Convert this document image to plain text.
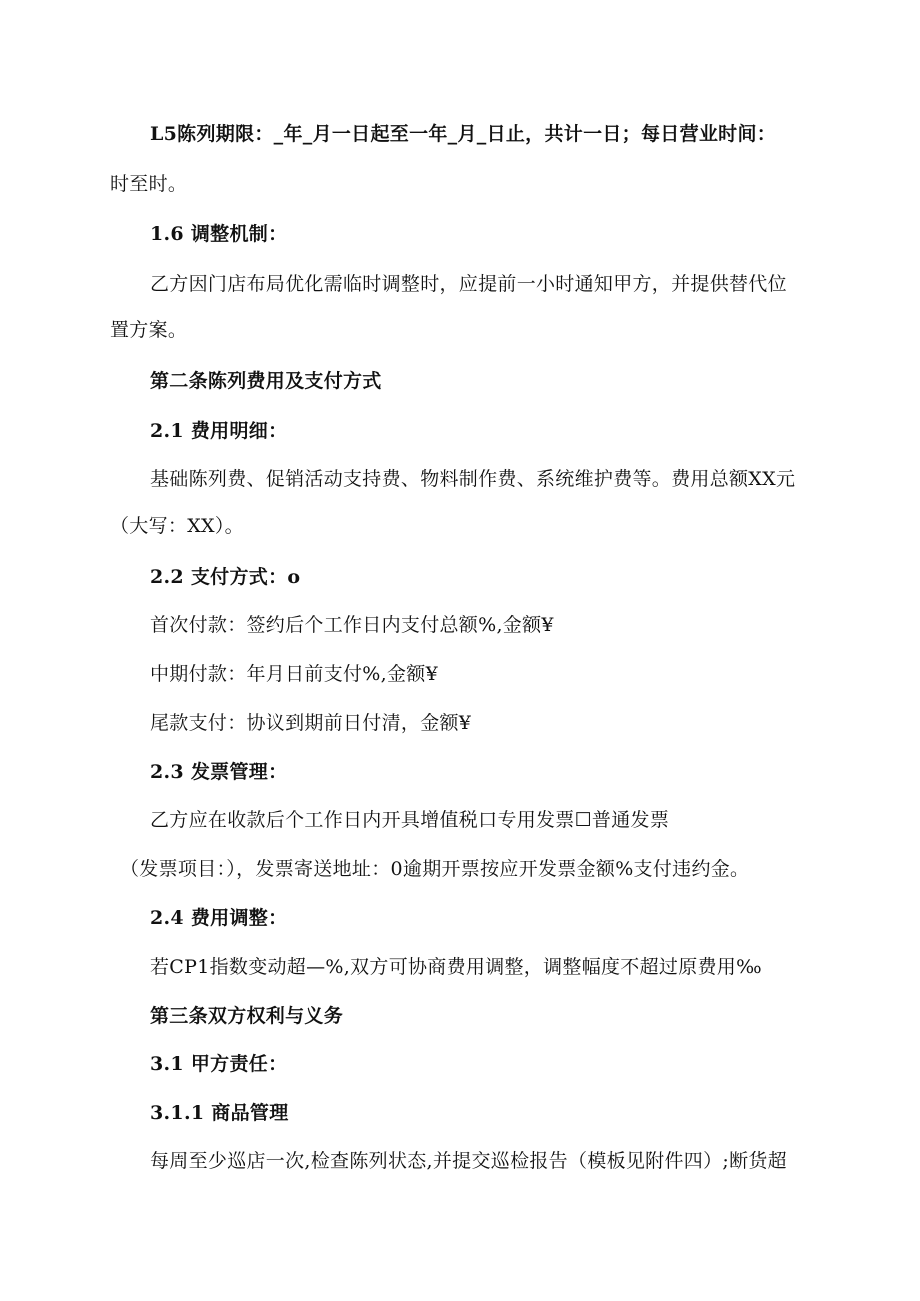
L5陈列期限：_年_月一日起至一年_月_日止，共计一日；每日营业时间：
时至时。
1.6 调整机制：
乙方因门店布局优化需临时调整时，应提前一小时通知甲方，并提供替代位
置方案。
第二条陈列费用及支付方式
2.1 费用明细：
基础陈列费、促销活动支持费、物料制作费、系统维护费等。费用总额XX元
（大写：XX）。
2.2 支付方式：o
首次付款：签约后个工作日内支付总额%,金额¥
中期付款：年月日前支付%,金额¥
尾款支付：协议到期前日付清，金额¥
2.3 发票管理：
乙方应在收款后个工作日内开具增值税口专用发票☐普通发票
（发票项目：），发票寄送地址：0逾期开票按应开发票金额%支付违约金。
2.4 费用调整：
若CP1指数变动超—%,双方可协商费用调整，调整幅度不超过原费用‰
第三条双方权利与义务
3.1 甲方责任：
3.1.1 商品管理
每周至少巡店一次,检查陈列状态,并提交巡检报告（模板见附件四）;断货超
